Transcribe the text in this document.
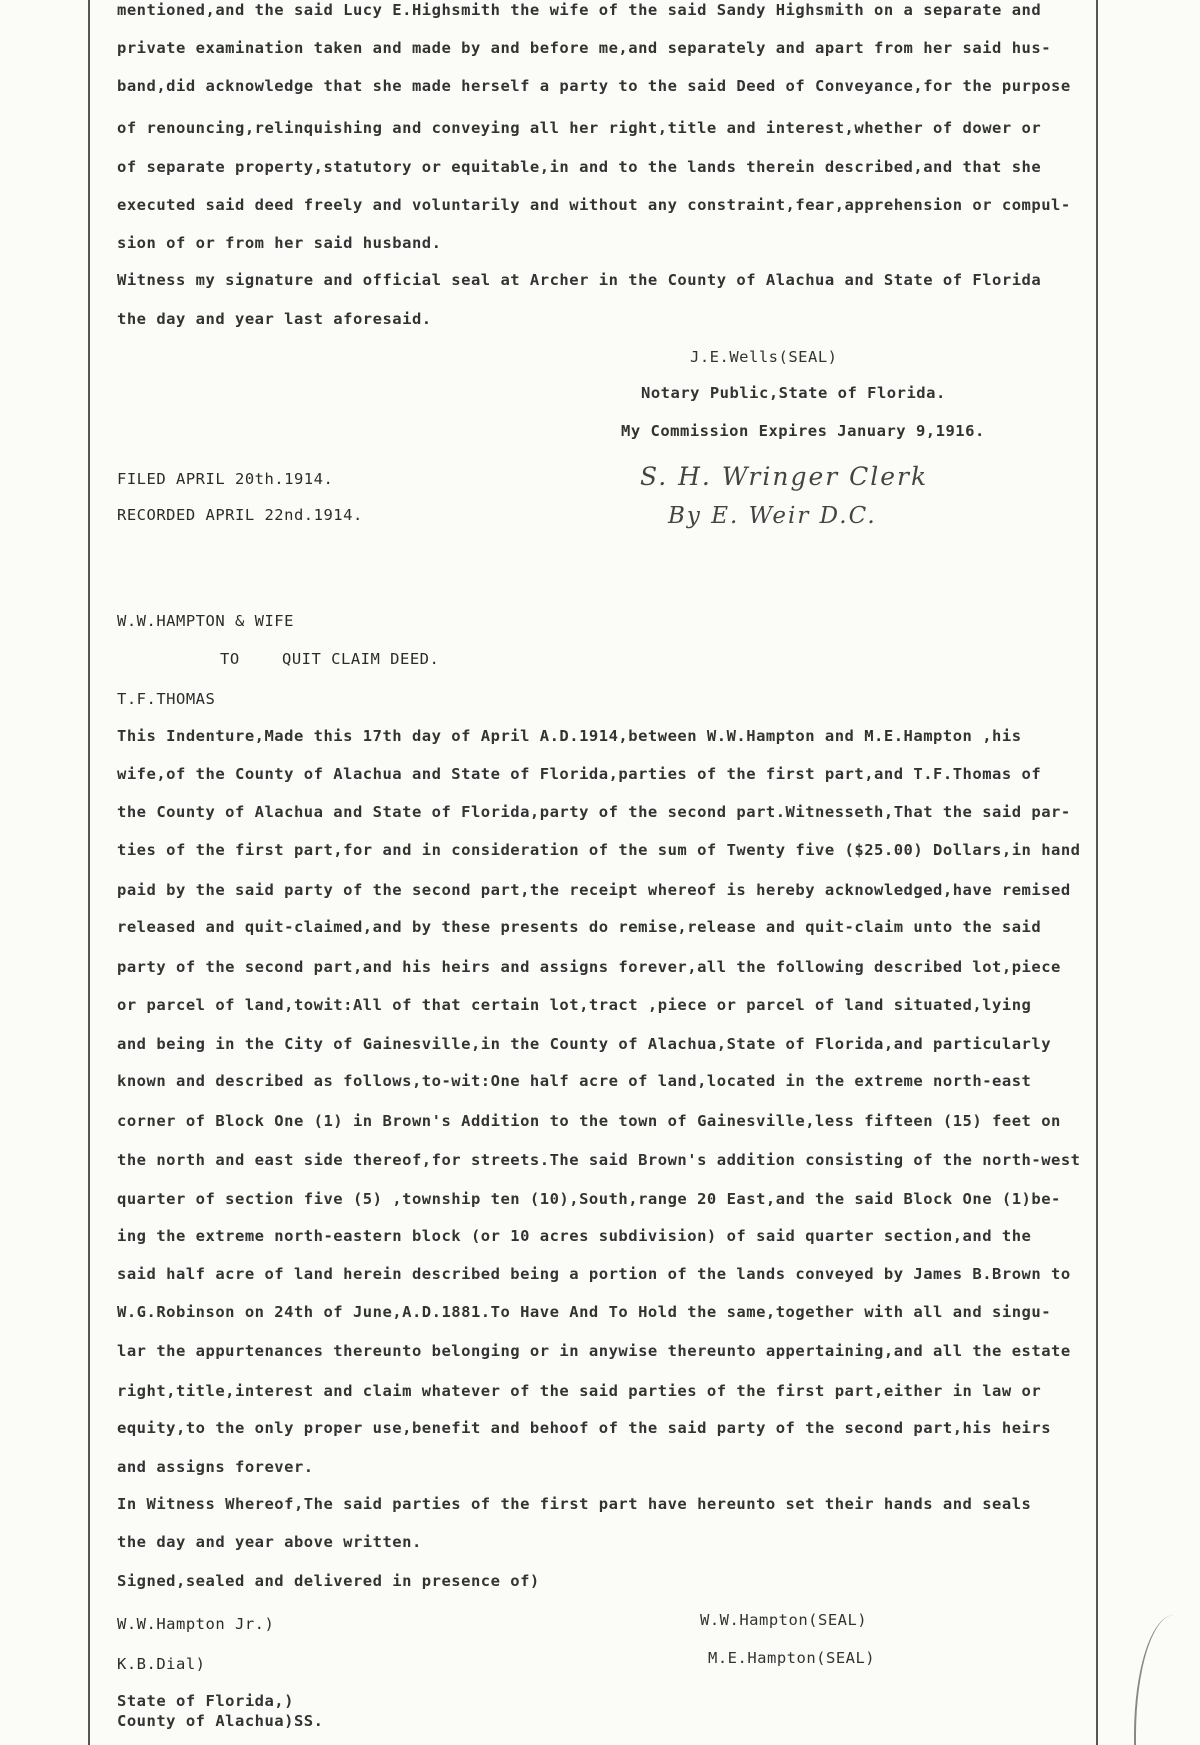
mentioned,and the said Lucy E.Highsmith the wife of the said Sandy Highsmith on a separate and
private examination taken and made by and before me,and separately and apart from her said hus-
band,did acknowledge that she made herself a party to the said Deed of Conveyance,for the purpose
of renouncing,relinquishing and conveying all her right,title and interest,whether of dower or
of separate property,statutory or equitable,in and to the lands therein described,and that she
executed said deed freely and voluntarily and without any constraint,fear,apprehension or compul-
sion of or from her said husband.
Witness my signature and official seal at Archer in the County of Alachua and State of Florida
the day and year last aforesaid.
J.E.Wells(SEAL)
Notary Public,State of Florida.
My Commission Expires January 9,1916.
FILED APRIL 20th.1914.
RECORDED APRIL 22nd.1914.
S. H. Wringer Clerk
By E. Weir D.C.
W.W.HAMPTON & WIFE
TO	QUIT CLAIM DEED.
T.F.THOMAS
This Indenture,Made this 17th day of April A.D.1914,between W.W.Hampton and M.E.Hampton ,his
wife,of the County of Alachua and State of Florida,parties of the first part,and T.F.Thomas of
the County of Alachua and State of Florida,party of the second part.Witnesseth,That the said par-
ties of the first part,for and in consideration of the sum of Twenty five ($25.00) Dollars,in hand
paid by the said party of the second part,the receipt whereof is hereby acknowledged,have remised
released and quit-claimed,and by these presents do remise,release and quit-claim unto the said
party of the second part,and his heirs and assigns forever,all the following described lot,piece
or parcel of land,towit:All of that certain lot,tract ,piece or parcel of land situated,lying
and being in the City of Gainesville,in the County of Alachua,State of Florida,and particularly
known and described as follows,to-wit:One half acre of land,located in the extreme north-east
corner of Block One (1) in Brown's Addition to the town of Gainesville,less fifteen (15) feet on
the north and east side thereof,for streets.The said Brown's addition consisting of the north-west
quarter of section five (5) ,township ten (10),South,range 20 East,and the said Block One (1)be-
ing the extreme north-eastern block (or 10 acres subdivision) of said quarter section,and the
said half acre of land herein described being a portion of the lands conveyed by James B.Brown to
W.G.Robinson on 24th of June,A.D.1881.To Have And To Hold the same,together with all and singu-
lar the appurtenances thereunto belonging or in anywise thereunto appertaining,and all the estate
right,title,interest and claim whatever of the said parties of the first part,either in law or
equity,to the only proper use,benefit and behoof of the said party of the second part,his heirs
and assigns forever.
In Witness Whereof,The said parties of the first part have hereunto set their hands and seals
the day and year above written.
Signed,sealed and delivered in presence of)
W.W.Hampton Jr.)
K.B.Dial)
W.W.Hampton(SEAL)
M.E.Hampton(SEAL)
State of Florida,)
County of Alachua)SS.
